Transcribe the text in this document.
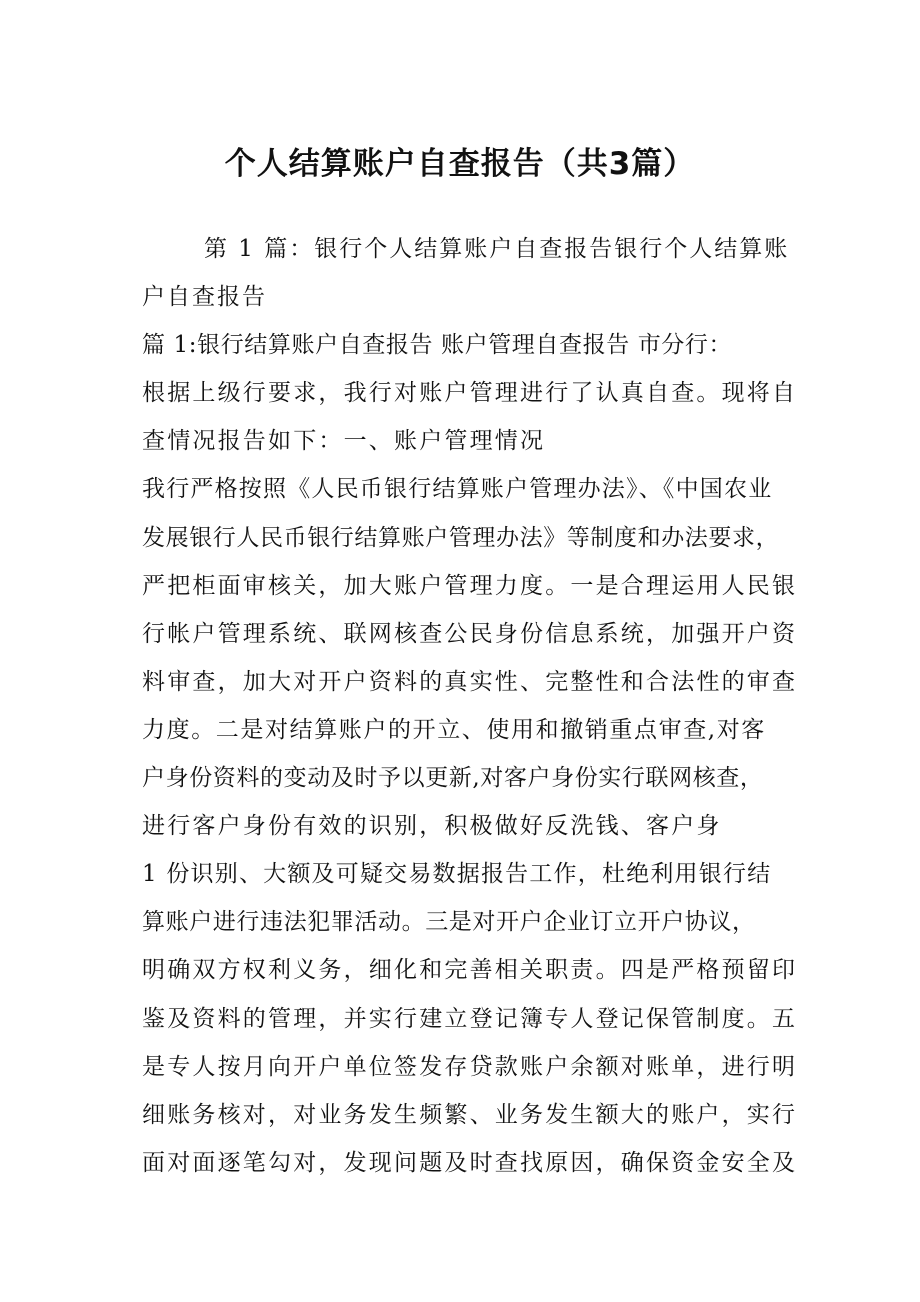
个人结算账户自查报告（共3篇）
第 1 篇：银行个人结算账户自查报告银行个人结算账
户自查报告
篇 1:银行结算账户自查报告 账户管理自查报告 市分行：
根据上级行要求，我行对账户管理进行了认真自查。现将自
查情况报告如下：一、账户管理情况
我行严格按照《人民币银行结算账户管理办法》、《中国农业
发展银行人民币银行结算账户管理办法》等制度和办法要求，
严把柜面审核关，加大账户管理力度。一是合理运用人民银
行帐户管理系统、联网核查公民身份信息系统，加强开户资
料审查，加大对开户资料的真实性、完整性和合法性的审查
力度。二是对结算账户的开立、使用和撤销重点审查,对客
户身份资料的变动及时予以更新,对客户身份实行联网核查，
进行客户身份有效的识别，积极做好反洗钱、客户身
1 份识别、大额及可疑交易数据报告工作，杜绝利用银行结
算账户进行违法犯罪活动。三是对开户企业订立开户协议，
明确双方权利义务，细化和完善相关职责。四是严格预留印
鉴及资料的管理，并实行建立登记簿专人登记保管制度。五
是专人按月向开户单位签发存贷款账户余额对账单，进行明
细账务核对，对业务发生频繁、业务发生额大的账户，实行
面对面逐笔勾对，发现问题及时查找原因，确保资金安全及
